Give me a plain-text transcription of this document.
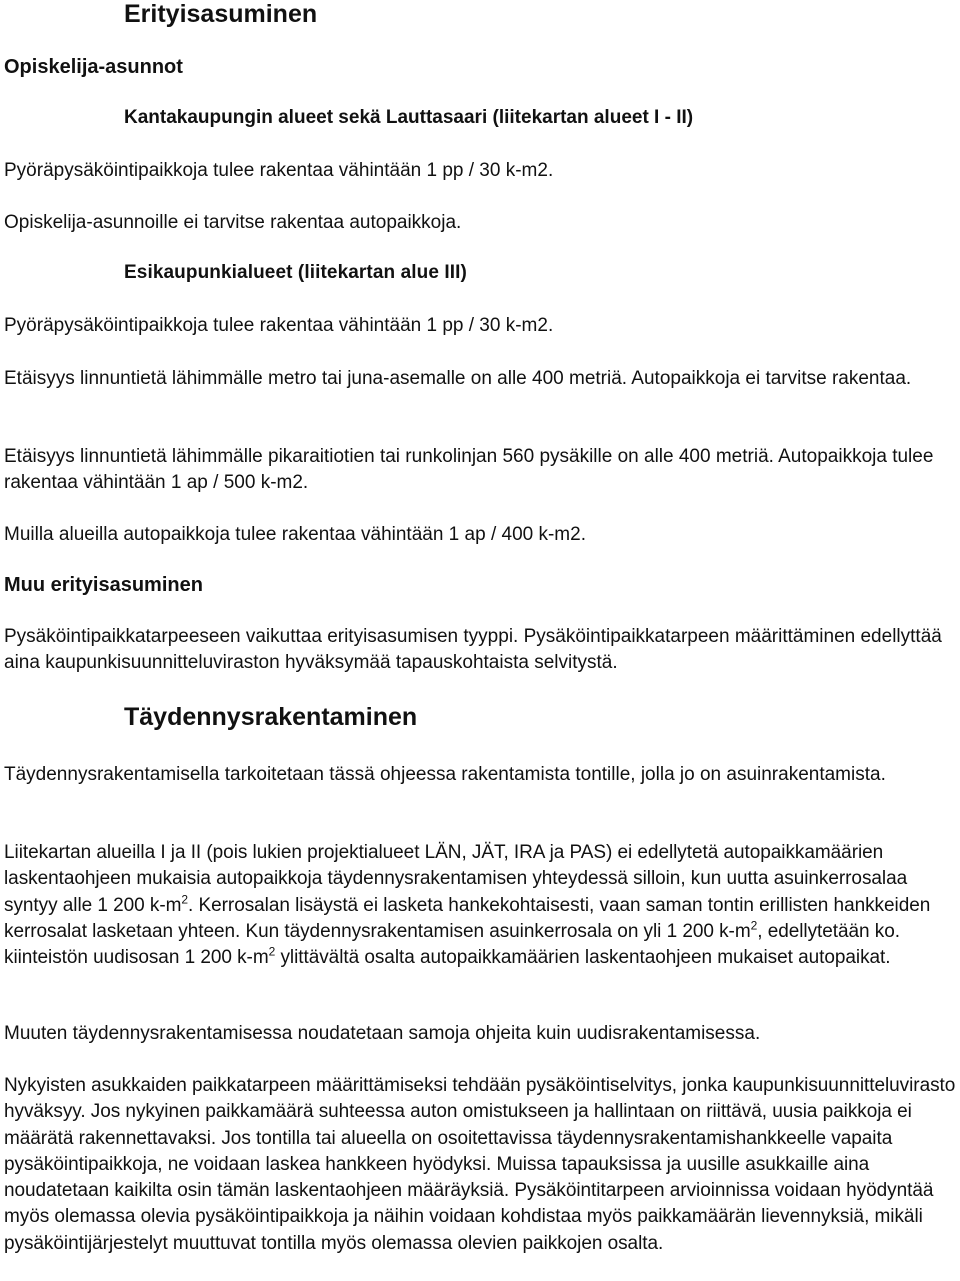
Erityisasuminen
Opiskelija-asunnot
Kantakaupungin alueet sekä Lauttasaari (liitekartan alueet I - II)

Pyöräpysäköintipaikkoja tulee rakentaa vähintään 1 pp / 30 k-m2.

Opiskelija-asunnoille ei tarvitse rakentaa autopaikkoja.

Esikaupunkialueet (liitekartan alue III)

Pyöräpysäköintipaikkoja tulee rakentaa vähintään 1 pp / 30 k-m2.

Etäisyys linnuntietä lähimmälle metro tai juna-asemalle on alle 400 metriä. Autopaikkoja ei tarvitse rakentaa.

Etäisyys linnuntietä lähimmälle pikaraitiotien tai runkolinjan 560 pysäkille on alle 400 metriä. Autopaikkoja tulee rakentaa vähintään 1 ap / 500 k-m2.

Muilla alueilla autopaikkoja tulee rakentaa vähintään 1 ap / 400 k-m2.

Muu erityisasuminen

Pysäköintipaikkatarpeeseen vaikuttaa erityisasumisen tyyppi. Pysäköintipaikkatarpeen määrittäminen edellyttää aina kaupunkisuunnitteluviraston hyväksymää tapauskohtaista selvitystä.

Täydennysrakentaminen

Täydennysrakentamisella tarkoitetaan tässä ohjeessa rakentamista tontille, jolla jo on asuinrakentamista.

Liitekartan alueilla I ja II (pois lukien projektialueet LÄN, JÄT, IRA ja PAS) ei edellytetä autopaikkamäärien laskentaohjeen mukaisia autopaikkoja täydennysrakentamisen yhteydessä silloin, kun uutta asuinkerrosalaa syntyy alle 1 200 $k-m^2$. Kerrosalan lisäystä ei lasketa hankekohtaisesti, vaan saman tontin erillisten hankkeiden kerrosalat lasketaan yhteen. Kun täydennysrakentamisen asuinkerrosala on yli 1 200 $k-m^2$, edellytetään ko. kiinteistön uudisosan 1 200 $k-m^2$ ylittävältä osalta autopaikkamäärien laskentaohjeen mukaiset autopaikat.

Muuten täydennysrakentamisessa noudatetaan samoja ohjeita kuin uudisrakentamisessa.

Nykyisten asukkaiden paikkatarpeen määrittämiseksi tehdään pysäköintiselvitys, jonka kaupunkisuunnitteluvirasto hyväksyy. Jos nykyinen paikkamäärä suhteessa auton omistukseen ja hallintaan on riittävä, uusia paikkoja ei määrätä rakennettavaksi. Jos tontilla tai alueella on osoitettavissa täydennysrakentamishankkeelle vapaita pysäköintipaikkoja, ne voidaan laskea hankkeen hyödyksi. Muissa tapauksissa ja uusille asukkaille aina noudatetaan kaikilta osin tämän laskentaohjeen määräyksiä. Pysäköintitarpeen arvioinnissa voidaan hyödyntää myös olemassa olevia pysäköintipaikkoja ja näihin voidaan kohdistaa myös paikkamäärän lievennyksiä, mikäli pysäköintijärjestelyt muuttuvat tontilla myös olemassa olevien paikkojen osalta.
